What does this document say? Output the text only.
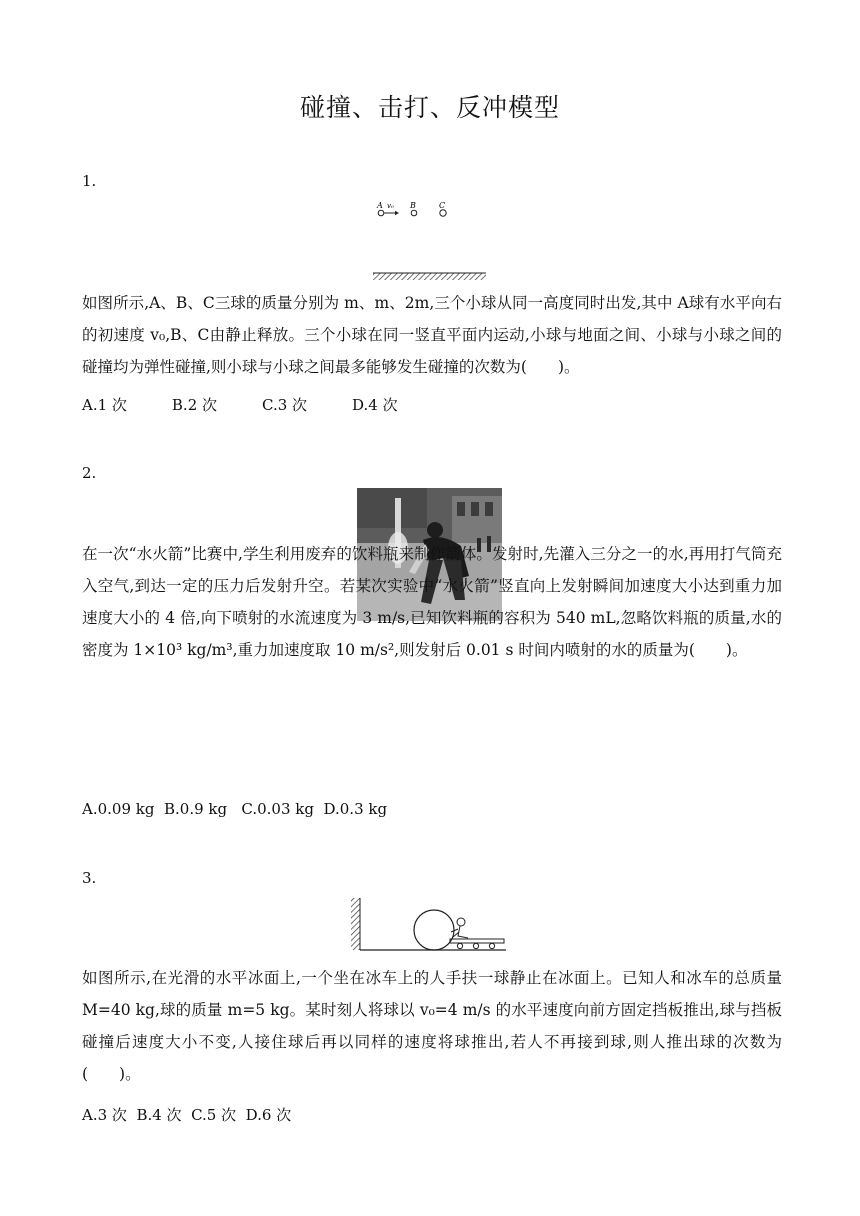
碰撞、击打、反冲模型
1.
A v₀ B	C
如图所示,A、B、C三球的质量分别为 m、m、2m,三个小球从同一高度同时出发,其中 A球有水平向右的初速度 v₀,B、C由静止释放。三个小球在同一竖直平面内运动,小球与地面之间、小球与小球之间的碰撞均为弹性碰撞,则小球与小球之间最多能够发生碰撞的次数为(　　)。
A.1 次　　　B.2 次　　　C.3 次　　　D.4 次
2.
在一次“水火箭”比赛中,学生利用废弃的饮料瓶来制作箭体。发射时,先灌入三分之一的水,再用打气筒充入空气,到达一定的压力后发射升空。若某次实验中“水火箭”竖直向上发射瞬间加速度大小达到重力加速度大小的 4 倍,向下喷射的水流速度为 3 m/s,已知饮料瓶的容积为 540 mL,忽略饮料瓶的质量,水的密度为 1×10³ kg/m³,重力加速度取 10 m/s²,则发射后 0.01 s 时间内喷射的水的质量为(　　)。
A.0.09 kg  B.0.9 kg   C.0.03 kg  D.0.3 kg
3.
如图所示,在光滑的水平冰面上,一个坐在冰车上的人手扶一球静止在冰面上。已知人和冰车的总质量 M=40 kg,球的质量 m=5 kg。某时刻人将球以 v₀=4 m/s 的水平速度向前方固定挡板推出,球与挡板碰撞后速度大小不变,人接住球后再以同样的速度将球推出,若人不再接到球,则人推出球的次数为(　　)。
A.3 次  B.4 次  C.5 次  D.6 次
